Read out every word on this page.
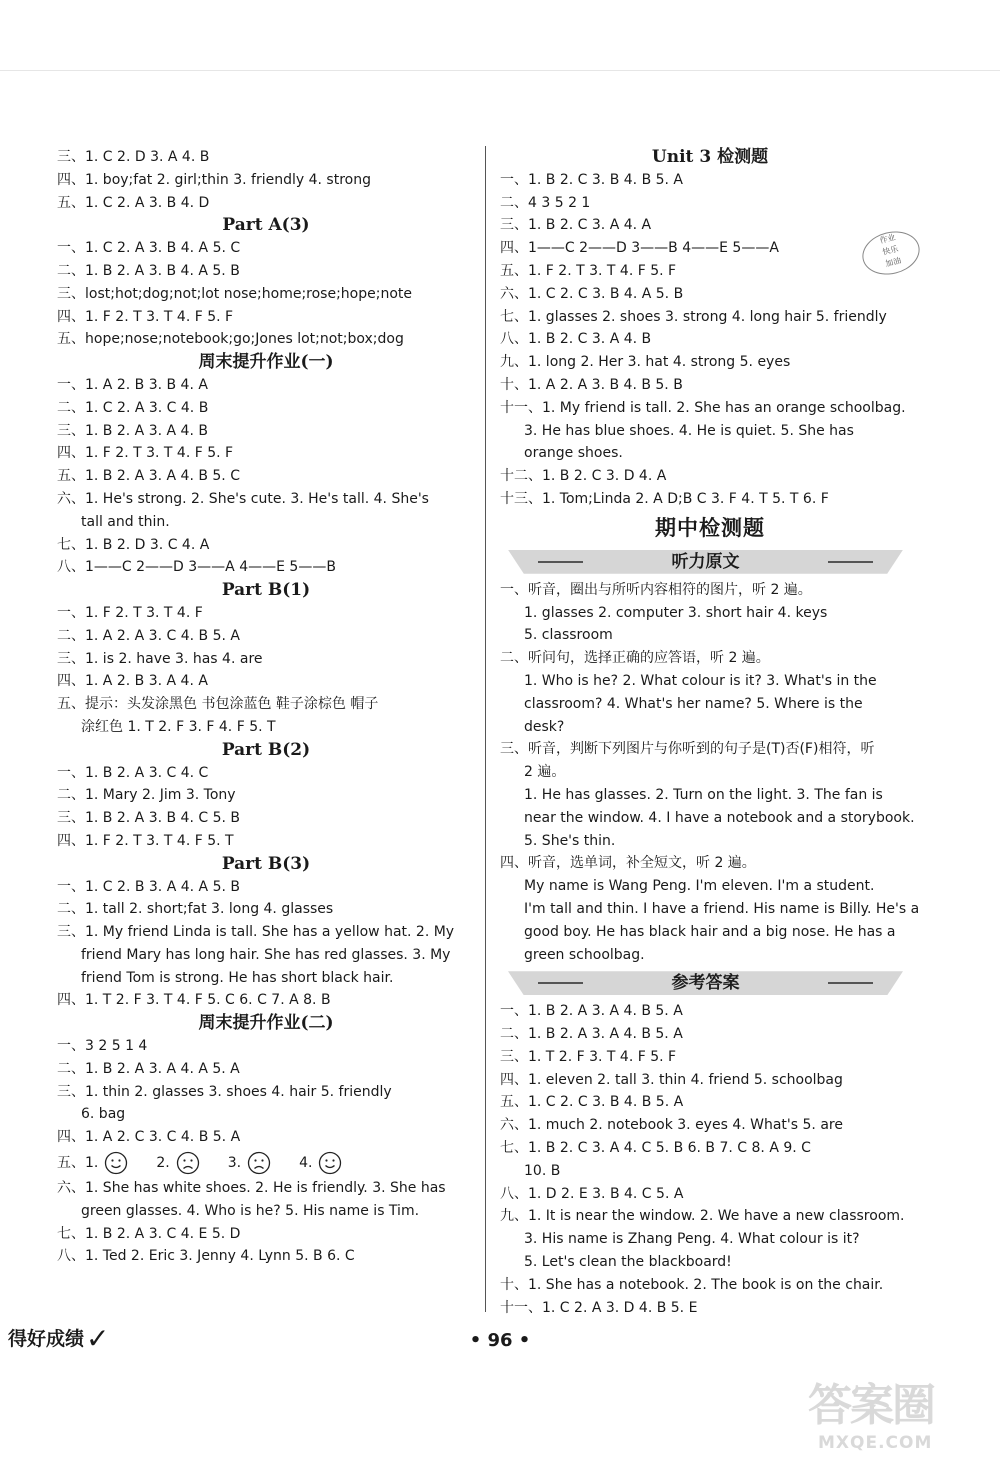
三、1. C 2. D 3. A 4. B
四、1. boy;fat 2. girl;thin 3. friendly 4. strong
五、1. C 2. A 3. B 4. D
Part A(3)
一、1. C 2. A 3. B 4. A 5. C
二、1. B 2. A 3. B 4. A 5. B
三、lost;hot;dog;not;lot nose;home;rose;hope;note
四、1. F 2. T 3. T 4. F 5. F
五、hope;nose;notebook;go;Jones lot;not;box;dog
周末提升作业(一)
一、1. A 2. B 3. B 4. A
二、1. C 2. A 3. C 4. B
三、1. B 2. A 3. A 4. B
四、1. F 2. T 3. T 4. F 5. F
五、1. B 2. A 3. A 4. B 5. C
六、1. He's strong. 2. She's cute. 3. He's tall. 4. She's
tall and thin.
七、1. B 2. D 3. C 4. A
八、1——C 2——D 3——A 4——E 5——B
Part B(1)
一、1. F 2. T 3. T 4. F
二、1. A 2. A 3. C 4. B 5. A
三、1. is 2. have 3. has 4. are
四、1. A 2. B 3. A 4. A
五、提示：头发涂黑色 书包涂蓝色 鞋子涂棕色 帽子
涂红色 1. T 2. F 3. F 4. F 5. T
Part B(2)
一、1. B 2. A 3. C 4. C
二、1. Mary 2. Jim 3. Tony
三、1. B 2. A 3. B 4. C 5. B
四、1. F 2. T 3. T 4. F 5. T
Part B(3)
一、1. C 2. B 3. A 4. A 5. B
二、1. tall 2. short;fat 3. long 4. glasses
三、1. My friend Linda is tall. She has a yellow hat. 2. My
friend Mary has long hair. She has red glasses. 3. My
friend Tom is strong. He has short black hair.
四、1. T 2. F 3. T 4. F 5. C 6. C 7. A 8. B
周末提升作业(二)
一、3 2 5 1 4
二、1. B 2. A 3. A 4. A 5. A
三、1. thin 2. glasses 3. shoes 4. hair 5. friendly
6. bag
四、1. A 2. C 3. C 4. B 5. A
五、1.	2.	3.	4.
六、1. She has white shoes. 2. He is friendly. 3. She has
green glasses. 4. Who is he? 5. His name is Tim.
七、1. B 2. A 3. C 4. E 5. D
八、1. Ted 2. Eric 3. Jenny 4. Lynn 5. B 6. C
Unit 3 检测题
一、1. B 2. C 3. B 4. B 5. A
二、4 3 5 2 1
三、1. B 2. C 3. A 4. A
四、1——C 2——D 3——B 4——E 5——A
五、1. F 2. T 3. T 4. F 5. F
六、1. C 2. C 3. B 4. A 5. B
七、1. glasses 2. shoes 3. strong 4. long hair 5. friendly
八、1. B 2. C 3. A 4. B
九、1. long 2. Her 3. hat 4. strong 5. eyes
十、1. A 2. A 3. B 4. B 5. B
十一、1. My friend is tall. 2. She has an orange schoolbag.
3. He has blue shoes. 4. He is quiet. 5. She has
orange shoes.
十二、1. B 2. C 3. D 4. A
十三、1. Tom;Linda 2. A D;B C 3. F 4. T 5. T 6. F
期中检测题
听力原文
一、听音，圈出与所听内容相符的图片，听 2 遍。
1. glasses 2. computer 3. short hair 4. keys
5. classroom
二、听问句，选择正确的应答语，听 2 遍。
1. Who is he? 2. What colour is it? 3. What's in the
classroom? 4. What's her name? 5. Where is the
desk?
三、听音，判断下列图片与你听到的句子是(T)否(F)相符，听
2 遍。
1. He has glasses. 2. Turn on the light. 3. The fan is
near the window. 4. I have a notebook and a storybook.
5. She's thin.
四、听音，选单词，补全短文，听 2 遍。
My name is Wang Peng. I'm eleven. I'm a student.
I'm tall and thin. I have a friend. His name is Billy. He's a
good boy. He has black hair and a big nose. He has a
green schoolbag.
参考答案
一、1. B 2. A 3. A 4. B 5. A
二、1. B 2. A 3. A 4. B 5. A
三、1. T 2. F 3. T 4. F 5. F
四、1. eleven 2. tall 3. thin 4. friend 5. schoolbag
五、1. C 2. C 3. B 4. B 5. A
六、1. much 2. notebook 3. eyes 4. What's 5. are
七、1. B 2. C 3. A 4. C 5. B 6. B 7. C 8. A 9. C
10. B
八、1. D 2. E 3. B 4. C 5. A
九、1. It is near the window. 2. We have a new classroom.
3. His name is Zhang Peng. 4. What colour is it?
5. Let's clean the blackboard!
十、1. She has a notebook. 2. The book is on the chair.
十一、1. C 2. A 3. D 4. B 5. E
作业
快乐
加油
得好成绩✓	• 96 •
答案圈
MXQE.COM
